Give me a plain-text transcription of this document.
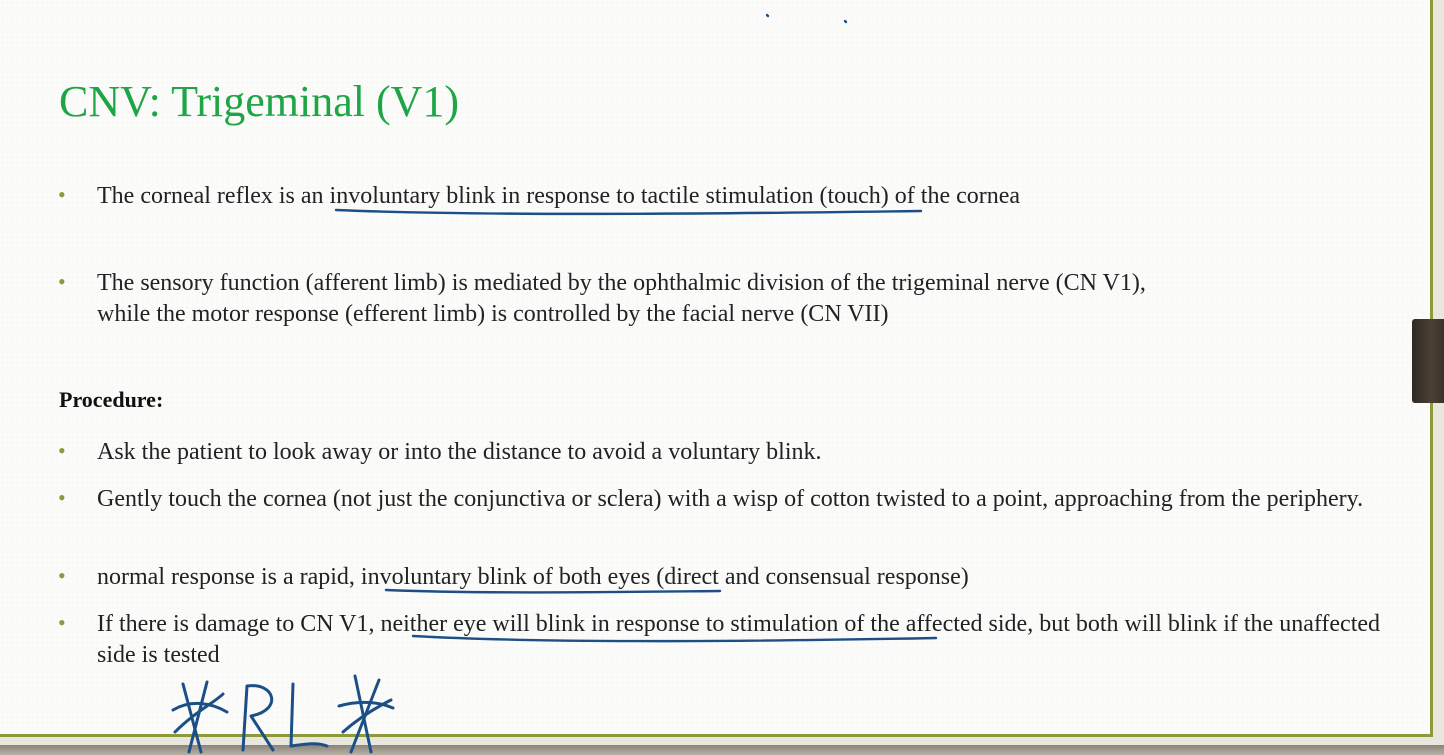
CNV: Trigeminal (V1)

• The corneal reflex is an involuntary blink in response to tactile stimulation (touch) of the cornea

• The sensory function (afferent limb) is mediated by the ophthalmic division of the trigeminal nerve (CN V1), while the motor response (efferent limb) is controlled by the facial nerve (CN VII)

Procedure:

• Ask the patient to look away or into the distance to avoid a voluntary blink.

• Gently touch the cornea (not just the conjunctiva or sclera) with a wisp of cotton twisted to a point, approaching from the periphery.

• normal response is a rapid, involuntary blink of both eyes (direct and consensual response)

• If there is damage to CN V1, neither eye will blink in response to stimulation of the affected side, but both will blink if the unaffected side is tested
